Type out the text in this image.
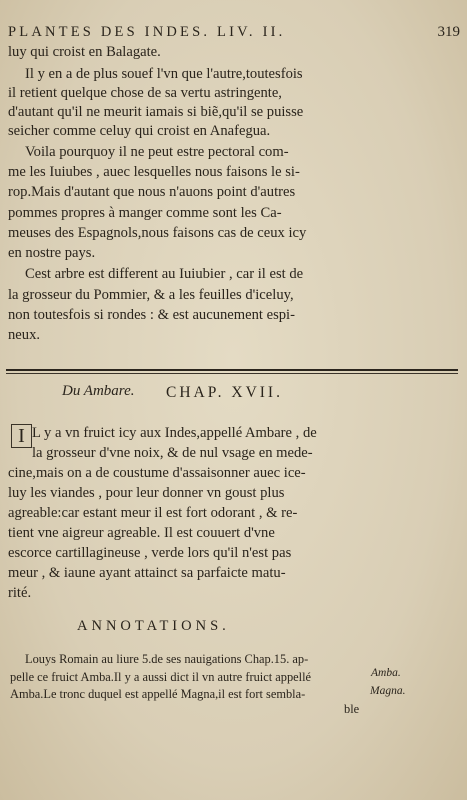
PLANTES DES INDES. LIV. II.	319
luy qui croist en Balagate.
Il y en a de plus souef l'vn que l'autre,toutesfois
il retient quelque chose de sa vertu astringente,
d'autant qu'il ne meurit iamais si biẽ,qu'il se puisse
seicher comme celuy qui croist en Anafegua.
Voila pourquoy il ne peut estre pectoral com-
me les Iuiubes , auec lesquelles nous faisons le si-
rop.Mais d'autant que nous n'auons point d'autres
pommes propres à manger comme sont les Ca-
meuses des Espagnols,nous faisons cas de ceux icy
en nostre pays.
Cest arbre est different au Iuiubier , car il est de
la grosseur du Pommier, & a les feuilles d'iceluy,
non toutesfois si rondes : & est aucunement espi-
neux.
Du Ambare. CHAP. XVII.
I L y a vn fruict icy aux Indes,appellé Ambare , de
la grosseur d'vne noix, & de nul vsage en mede-
cine,mais on a de coustume d'assaisonner auec ice-
luy les viandes , pour leur donner vn goust plus
agreable:car estant meur il est fort odorant , & re-
tient vne aigreur agreable. Il est couuert d'vne
escorce cartillagineuse , verde lors qu'il n'est pas
meur , & iaune ayant attainct sa parfaicte matu-
rité.
ANNOTATIONS.
Louys Romain au liure 5.de ses nauigations Chap.15. ap-
pelle ce fruict Amba.Il y a aussi dict il vn autre fruict appellé
Amba.Le tronc duquel est appellé Magna,il est fort sembla-
ble
Amba.
Magna.
